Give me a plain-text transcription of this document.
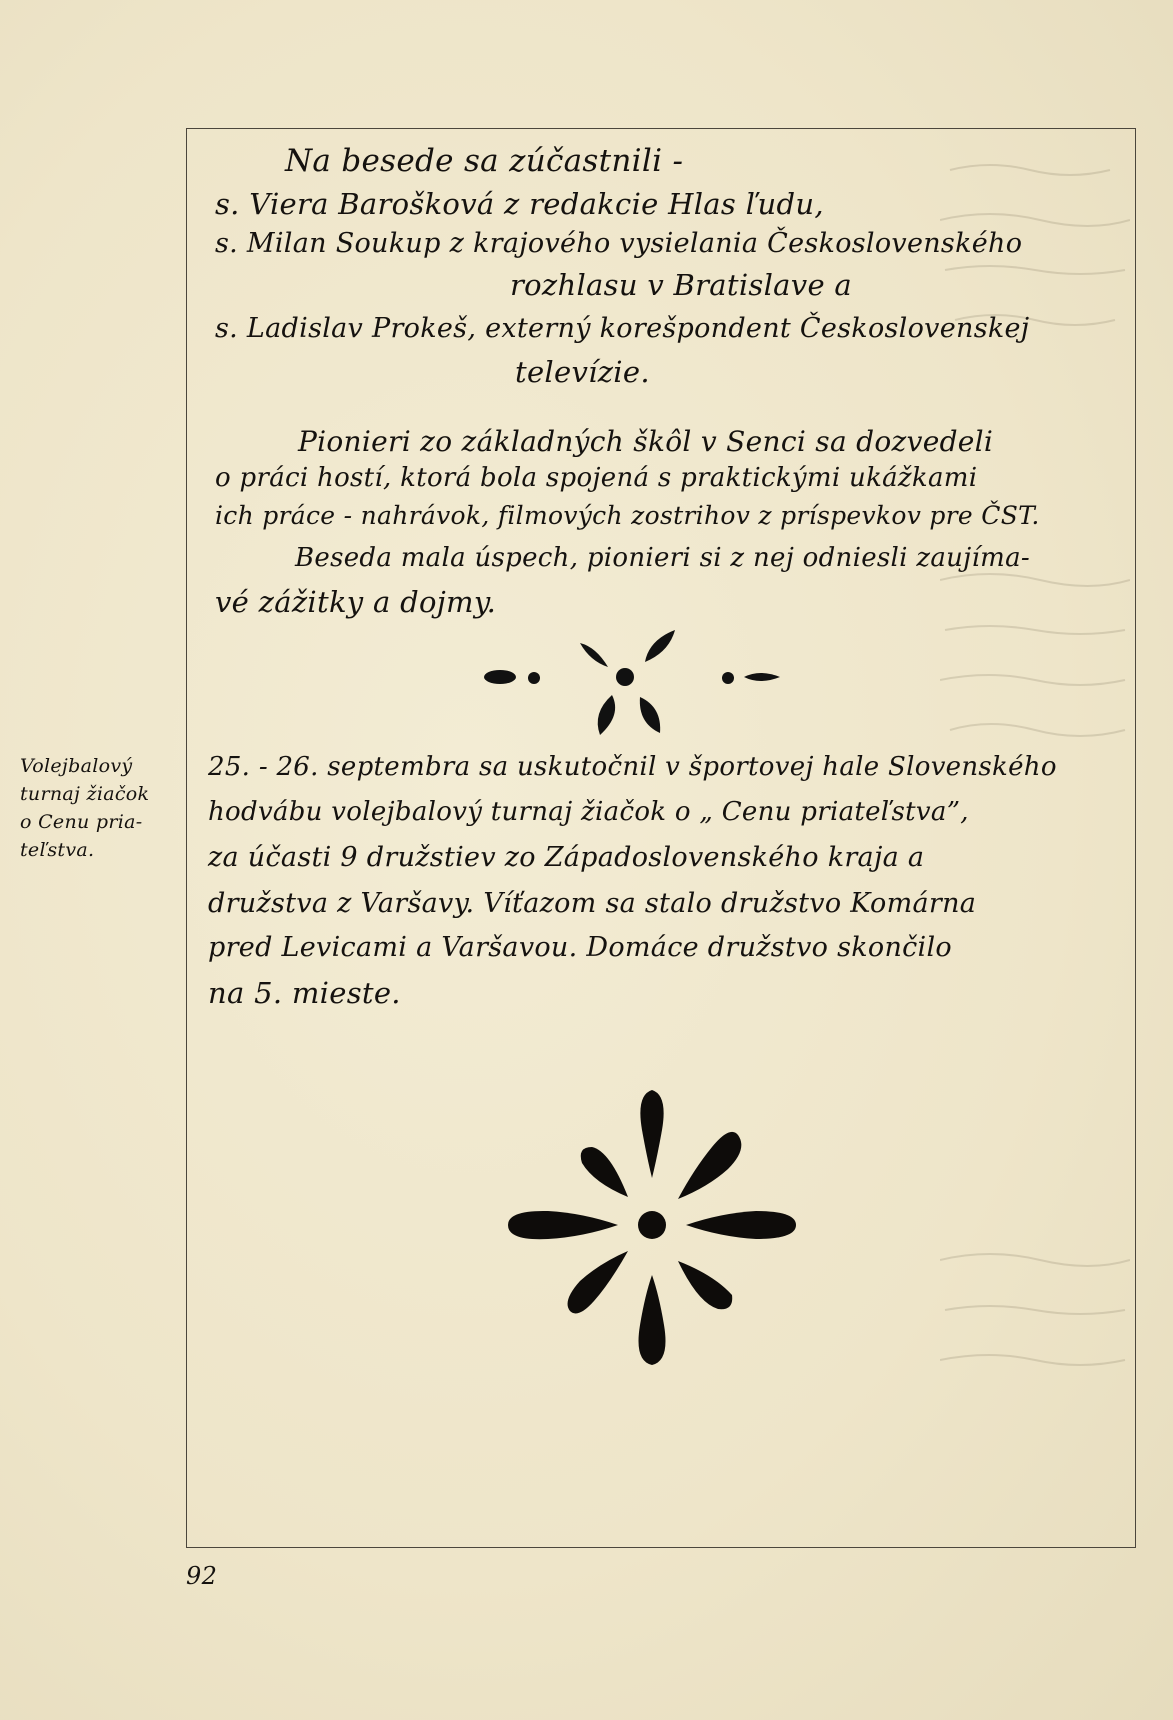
Na besede sa zúčastnili -
s. Viera Barošková z redakcie Hlas ľudu,
s. Milan Soukup z krajového vysielania Československého
rozhlasu v Bratislave a
s. Ladislav Prokeš, externý korešpondent Československej
televízie.
Pionieri zo základných škôl v Senci sa dozvedeli
o práci hostí, ktorá bola spojená s praktickými ukážkami
ich práce - nahrávok, filmových zostrihov z príspevkov pre ČST.
Beseda mala úspech, pionieri si z nej odniesli zaujíma-
vé zážitky a dojmy.
Volejbalový
turnaj žiačok
o Cenu pria-
teľstva.
25. - 26. septembra sa uskutočnil v športovej hale Slovenského
hodvábu volejbalový turnaj žiačok o „ Cenu priateľstva”,
za účasti 9 družstiev zo Západoslovenského kraja a
družstva z Varšavy. Víťazom sa stalo družstvo Komárna
pred Levicami a Varšavou. Domáce družstvo skončilo
na 5. mieste.
92
